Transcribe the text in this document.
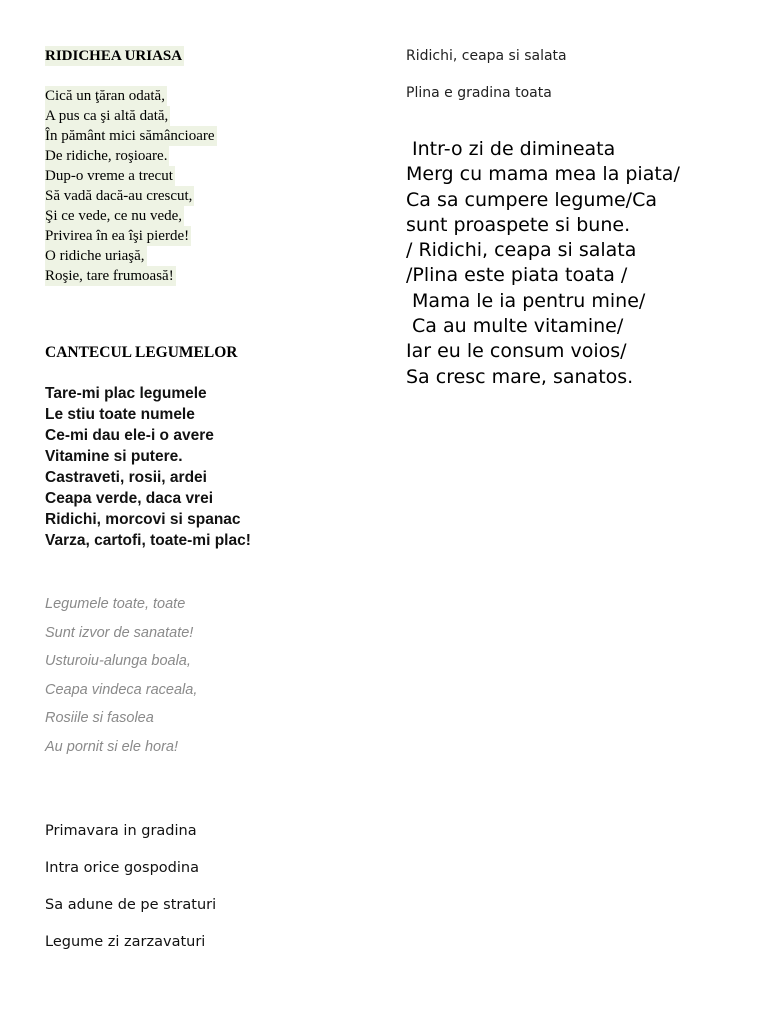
RIDICHEA URIASA
Cică un ţăran odată,
A pus ca şi altă dată,
În pământ mici sămâncioare
De ridiche, roşioare.
Dup-o vreme a trecut
Să vadă dacă-au crescut,
Şi ce vede, ce nu vede,
Privirea în ea îşi pierde!
O ridiche uriaşă,
Roşie, tare frumoasă!
CANTECUL LEGUMELOR
Tare-mi plac legumele
Le stiu toate numele
Ce-mi dau ele-i o avere
Vitamine si putere.
Castraveti, rosii, ardei
Ceapa verde, daca vrei
Ridichi, morcovi si spanac
Varza, cartofi, toate-mi plac!
Legumele toate, toate
Sunt izvor de sanatate!
Usturoiu-alunga boala,
Ceapa vindeca raceala,
Rosiile si fasolea
Au pornit si ele hora!
Primavara in gradina
Intra orice gospodina
Sa adune de pe straturi
Legume zi zarzavaturi
Ridichi, ceapa si salata
Plina e gradina toata
Intr-o zi de dimineata
Merg cu mama mea la piata/
Ca sa cumpere legume/Ca
sunt proaspete si bune.
/ Ridichi, ceapa si salata
/Plina este piata toata /
Mama le ia pentru mine/
Ca au multe vitamine/
Iar eu le consum voios/
Sa cresc mare, sanatos.
